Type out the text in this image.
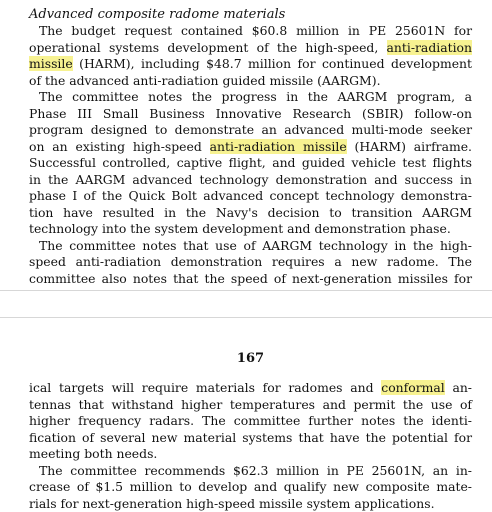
Advanced composite radome materials

The budget request contained $60.8 million in PE 25601N for

operational systems development of the high-speed, anti-radiation

missile (HARM), including $48.7 million for continued development

of the advanced anti-radiation guided missile (AARGM).

The committee notes the progress in the AARGM program, a

Phase III Small Business Innovative Research (SBIR) follow-on

program designed to demonstrate an advanced multi-mode seeker

on an existing high-speed anti-radiation missile (HARM) airframe.

Successful controlled, captive flight, and guided vehicle test flights

in the AARGM advanced technology demonstration and success in

phase I of the Quick Bolt advanced concept technology demonstra-

tion have resulted in the Navy's decision to transition AARGM

technology into the system development and demonstration phase.

The committee notes that use of AARGM technology in the high-

speed anti-radiation demonstration requires a new radome. The

committee also notes that the speed of next-generation missiles for

167

ical targets will require materials for radomes and conformal an-

tennas that withstand higher temperatures and permit the use of

higher frequency radars. The committee further notes the identi-

fication of several new material systems that have the potential for

meeting both needs.

The committee recommends $62.3 million in PE 25601N, an in-

crease of $1.5 million to develop and qualify new composite mate-

rials for next-generation high-speed missile system applications.
